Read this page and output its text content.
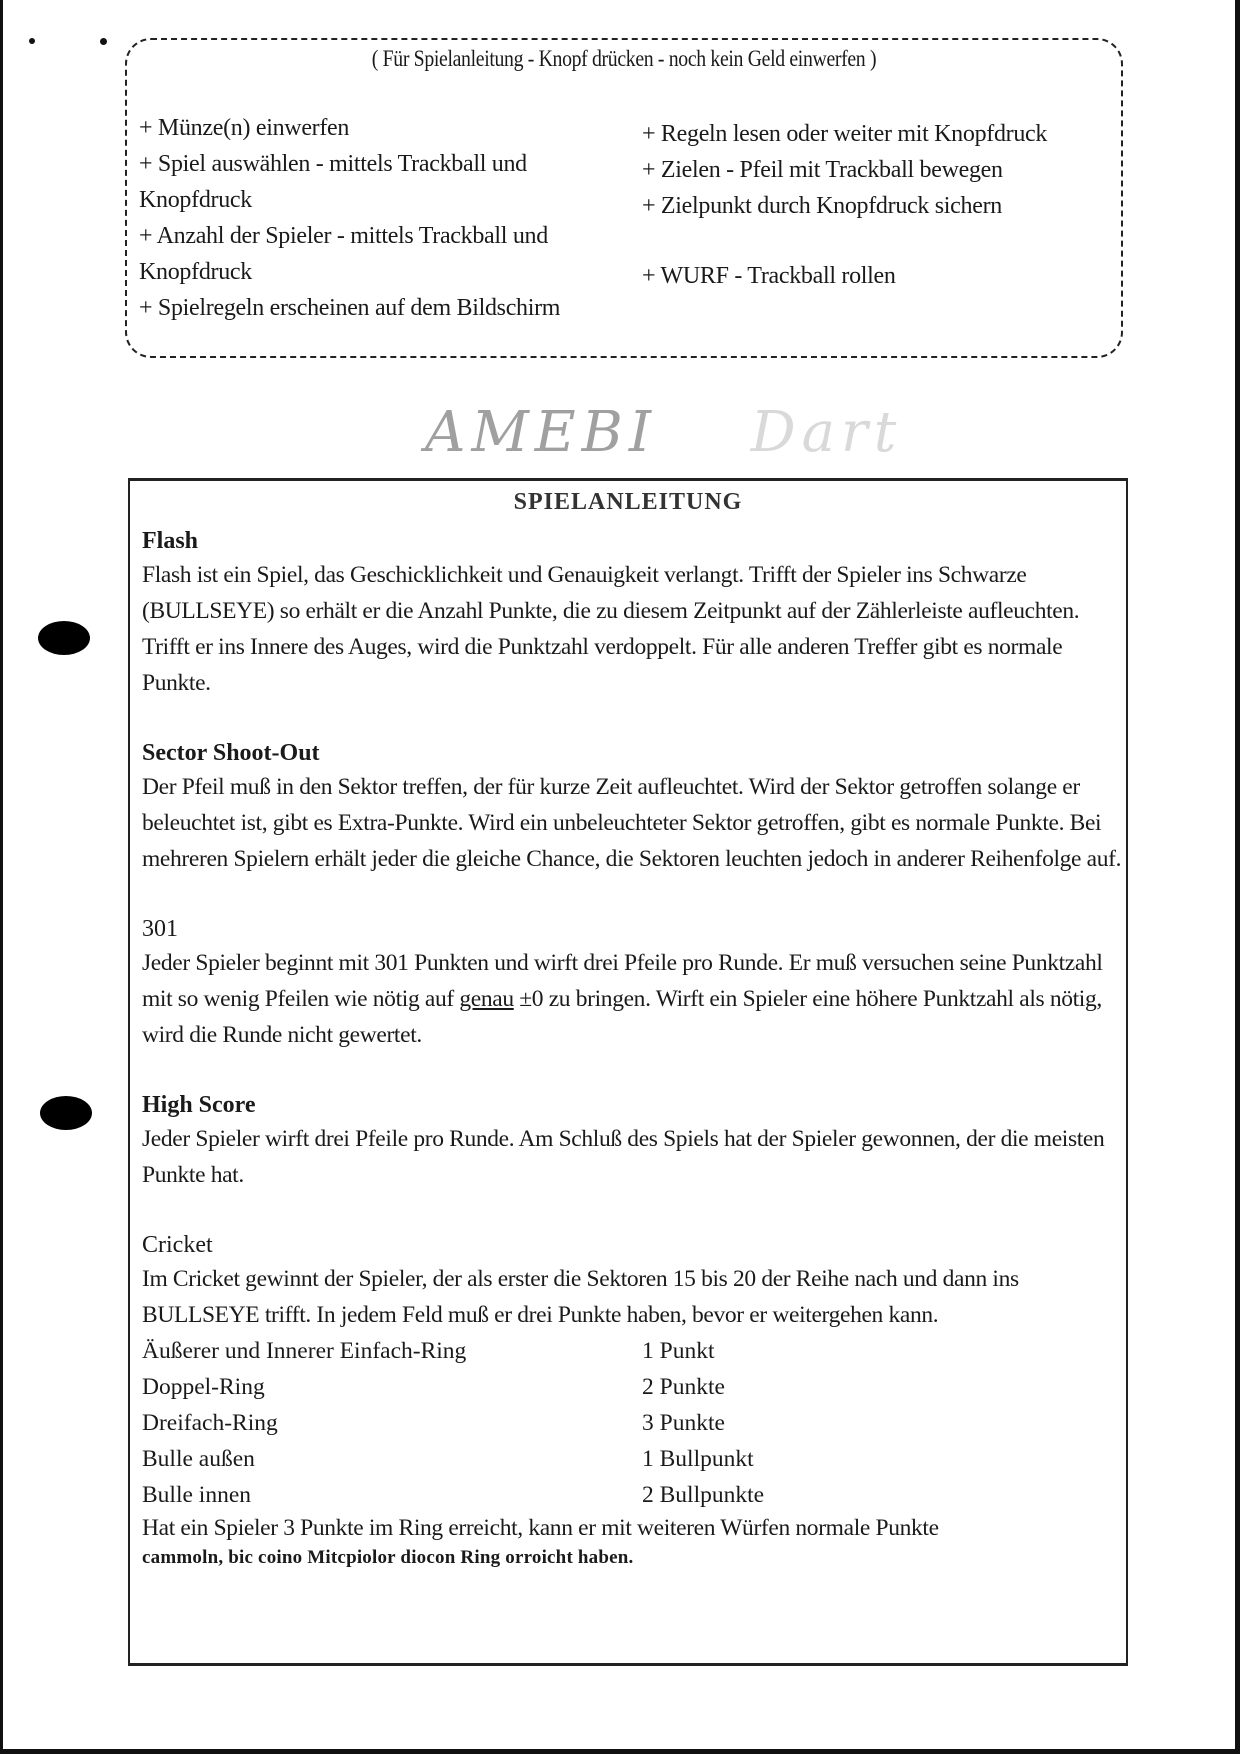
( Für Spielanleitung - Knopf drücken - noch kein Geld einwerfen )
+ Münze(n) einwerfen
+ Spiel auswählen - mittels Trackball und Knopfdruck
+ Anzahl der Spieler - mittels Trackball und Knopfdruck
+ Spielregeln erscheinen auf dem Bildschirm
+ Regeln lesen oder weiter mit Knopfdruck
+ Zielen - Pfeil mit Trackball bewegen
+ Zielpunkt durch Knopfdruck sichern
+ WURF - Trackball rollen
AMEBI Dart
SPIELANLEITUNG
Flash
Flash ist ein Spiel, das Geschicklichkeit und Genauigkeit verlangt. Trifft der Spieler ins Schwarze (BULLSEYE) so erhält er die Anzahl Punkte, die zu diesem Zeitpunkt auf der Zählerleiste aufleuchten. Trifft er ins Innere des Auges, wird die Punktzahl verdoppelt. Für alle anderen Treffer gibt es normale Punkte.
Sector Shoot-Out
Der Pfeil muß in den Sektor treffen, der für kurze Zeit aufleuchtet. Wird der Sektor getroffen solange er beleuchtet ist, gibt es Extra-Punkte. Wird ein unbeleuchteter Sektor getroffen, gibt es normale Punkte. Bei mehreren Spielern erhält jeder die gleiche Chance, die Sektoren leuchten jedoch in anderer Reihenfolge auf.
301
Jeder Spieler beginnt mit 301 Punkten und wirft drei Pfeile pro Runde. Er muß versuchen seine Punktzahl mit so wenig Pfeilen wie nötig auf genau ±0 zu bringen. Wirft ein Spieler eine höhere Punktzahl als nötig, wird die Runde nicht gewertet.
High Score
Jeder Spieler wirft drei Pfeile pro Runde. Am Schluß des Spiels hat der Spieler gewonnen, der die meisten Punkte hat.
Cricket
Im Cricket gewinnt der Spieler, der als erster die Sektoren 15 bis 20 der Reihe nach und dann ins BULLSEYE trifft. In jedem Feld muß er drei Punkte haben, bevor er weitergehen kann.
Äußerer und Innerer Einfach-Ring	1 Punkt
Doppel-Ring	2 Punkte
Dreifach-Ring	3 Punkte
Bulle außen	1 Bullpunkt
Bulle innen	2 Bullpunkte
Hat ein Spieler 3 Punkte im Ring erreicht, kann er mit weiteren Würfen normale Punkte
cammoln, bic coino Mitcpiolor diocon Ring orroicht haben.
